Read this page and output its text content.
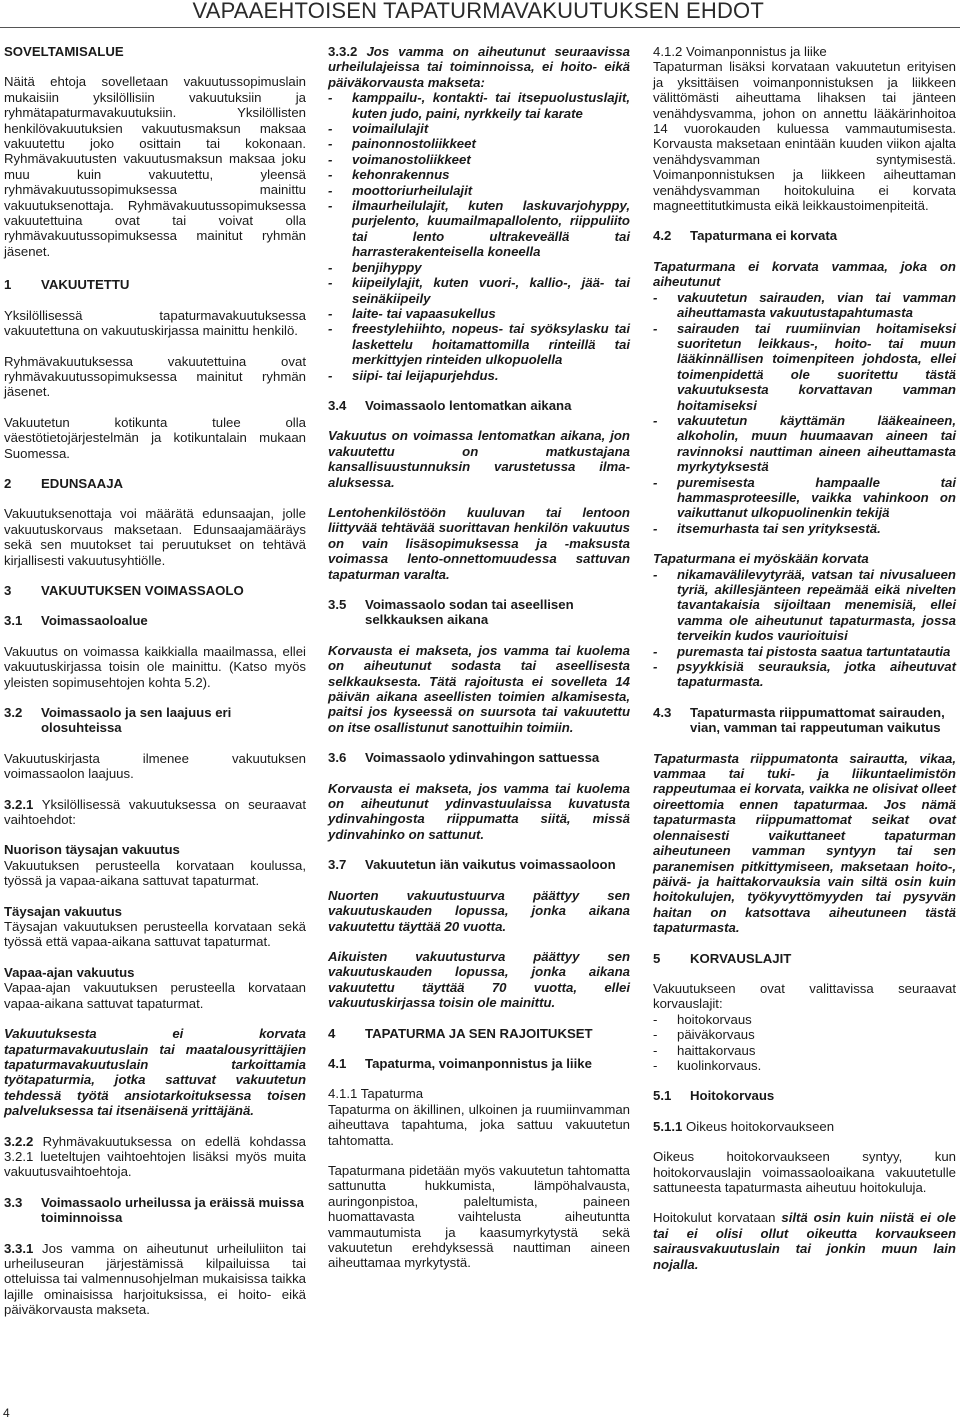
VAPAAEHTOISEN TAPATURMAVAKUUTUKSEN EHDOT

SOVELTAMISALUE

Näitä ehtoja sovelletaan vakuutussopimuslain mukaisiin yksilöllisiin vakuutuksiin ja ryhmätapaturmavakuutuksiin. Yksilöllisten henkilövakuutuksien vakuutusmaksun maksaa vakuutettu joko osittain tai kokonaan. Ryhmävakuutusten vakuutusmaksun maksaa joku muu kuin vakuutettu, yleensä ryhmävakuutussopimuksessa mainittu vakuutuksenottaja. Ryhmävakuutussopimuksessa vakuutettuina ovat tai voivat olla ryhmävakuutussopimuksessa mainitut ryhmän jäsenet.

1	VAKUUTETTU

Yksilöllisessä tapaturmavakuutuksessa vakuutettuna on vakuutuskirjassa mainittu henkilö.

Ryhmävakuutuksessa vakuutettuina ovat ryhmävakuutussopimuksessa mainitut ryhmän jäsenet.

Vakuutetun kotikunta tulee olla väestötietojärjestelmän ja kotikuntalain mukaan Suomessa.

2	EDUNSAAJA

Vakuutuksenottaja voi määrätä edunsaajan, jolle vakuutuskorvaus maksetaan. Edunsaajamääräys sekä sen muutokset tai peruutukset on tehtävä kirjallisesti vakuutusyhtiölle.

3	VAKUUTUKSEN VOIMASSAOLO
3.1	Voimassaoloalue

Vakuutus on voimassa kaikkialla maailmassa, ellei vakuutuskirjassa toisin ole mainittu. (Katso myös yleisten sopimusehtojen kohta 5.2).

3.2	Voimassaolo ja sen laajuus eri olosuhteissa

Vakuutuskirjasta ilmenee vakuutuksen voimassaolon laajuus.

3.2.1 Yksilöllisessä vakuutuksessa on seuraavat vaihtoehdot:

Nuorison täysajan vakuutus

Vakuutuksen perusteella korvataan koulussa, työssä ja vapaa-aikana sattuvat tapaturmat.

Täysajan vakuutus

Täysajan vakuutuksen perusteella korvataan sekä työssä että vapaa-aikana sattuvat tapaturmat.

Vapaa-ajan vakuutus

Vapaa-ajan vakuutuksen perusteella korvataan vapaa-aikana sattuvat tapaturmat.

Vakuutuksesta ei korvata tapaturmavakuutuslain tai maatalousyrittäjien tapaturmavakuutuslain tarkoittamia työtapaturmia, jotka sattuvat vakuutetun tehdessä työtä ansiotarkoituksessa toisen palveluksessa tai itsenäisenä yrittäjänä.

3.2.2 Ryhmävakuutuksessa on edellä kohdassa 3.2.1 lueteltujen vaihtoehtojen lisäksi myös muita vakuutusvaihtoehtoja.

3.3	Voimassaolo urheilussa ja eräissä muissa toiminnoissa

3.3.1 Jos vamma on aiheutunut urheiluliiton tai urheiluseuran järjestämissä kilpailuissa tai otteluissa tai valmennusohjelman mukaisissa taikka lajille ominaisissa harjoituksissa, ei hoito- eikä päiväkorvausta makseta.

3.3.2 Jos vamma on aiheutunut seuraavissa urheilulajeissa tai toiminnoissa, ei hoito- eikä päiväkorvausta makseta:

- kamppailu-, kontakti- tai itsepuolustuslajit, kuten judo, paini, nyrkkeily tai karate
- voimailulajit
- painonnostoliikkeet
- voimanostoliikkeet
- kehonrakennus
- moottoriurheilulajit
- ilmaurheilulajit, kuten laskuvarjohyppy, purjelento, kuumailmapallolento, riippuliito tai lento ultrakeveällä tai harrasterakenteisella koneella
- benjihyppy
- kiipeilylajit, kuten vuori-, kallio-, jää- tai seinäkiipeily
- laite- tai vapaasukellus
- freestylehiihto, nopeus- tai syöksylasku tai laskettelu hoitamattomilla rinteillä tai merkittyjen rinteiden ulkopuolella
- siipi- tai leijapurjehdus.
3.4	Voimassaolo lentomatkan aikana

Vakuutus on voimassa lentomatkan aikana, jon vakuutettu on matkustajana kansallisuustunnuksin varustetussa ilma-aluksessa.

Lentohenkilöstöön kuuluvan tai lentoon liittyvää tehtävää suorittavan henkilön vakuutus on vain lisäsopimuksessa ja -maksusta voimassa lento-onnettomuudessa sattuvan tapaturman varalta.

3.5	Voimassaolo sodan tai aseellisen selkkauksen aikana

Korvausta ei makseta, jos vamma tai kuolema on aiheutunut sodasta tai aseellisesta selkkauksesta. Tätä rajoitusta ei sovelleta 14 päivän aikana aseellisten toimien alkamisesta, paitsi jos kyseessä on suursota tai vakuutettu on itse osallistunut sanottuihin toimiin.

3.6	Voimassaolo ydinvahingon sattuessa

Korvausta ei makseta, jos vamma tai kuolema on aiheutunut ydinvastuulaissa kuvatusta ydinvahingosta riippumatta siitä, missä ydinvahinko on sattunut.

3.7	Vakuutetun iän vaikutus voimassaoloon

Nuorten vakuutustuurva päättyy sen vakuutuskauden lopussa, jonka aikana vakuutettu täyttää 20 vuotta.

Aikuisten vakuutusturva päättyy sen vakuutuskauden lopussa, jonka aikana vakuutettu täyttää 70 vuotta, ellei vakuutuskirjassa toisin ole mainittu.

4	TAPATURMA JA SEN RAJOITUKSET
4.1	Tapaturma, voimanponnistus ja liike

4.1.1 Tapaturma

Tapaturma on äkillinen, ulkoinen ja ruumiinvamman aiheuttava tapahtuma, joka sattuu vakuutetun tahtomatta.

Tapaturmana pidetään myös vakuutetun tahtomatta sattunutta hukkumista, lämpöhalvausta, auringonpistoa, paleltumista, paineen huomattavasta vaihtelusta aiheutuntta vammautumista ja kaasumyrkytystä sekä vakuutetun erehdyksessä nauttiman aineen aiheuttamaa myrkytystä.

4.1.2 Voimanponnistus ja liike

Tapaturman lisäksi korvataan vakuutetun erityisen ja yksittäisen voimanponnistuksen ja liikkeen välittömästi aiheuttama lihaksen tai jänteen venähdysvamma, johon on annettu lääkärinhoitoa 14 vuorokauden kuluessa vammautumisesta. Korvausta maksetaan enintään kuuden viikon ajalta venähdysvamman syntymisestä. Voimanponnistuksen ja liikkeen aiheuttaman venähdysvamman hoitokuluina ei korvata magneettitutkimusta eikä leikkaustoimenpiteitä.

4.2	Tapaturmana ei korvata

Tapaturmana ei korvata vammaa, joka on aiheutunut

- vakuutetun sairauden, vian tai vamman aiheuttamasta vakuutustapahtumasta
- sairauden tai ruumiinvian hoitamiseksi suoritetun leikkaus-, hoito- tai muun lääkinnällisen toimenpiteen johdosta, ellei toimenpidettä ole suoritettu tästä vakuutuksesta korvattavan vamman hoitamiseksi
- vakuutetun käyttämän lääkeaineen, alkoholin, muun huumaavan aineen tai ravinnoksi nauttiman aineen aiheuttamasta myrkytyksestä
- puremisesta hampaalle tai hammasproteesille, vaikka vahinkoon on vaikuttanut ulkopuolinenkin tekijä
- itsemurhasta tai sen yrityksestä.

Tapaturmana ei myöskään korvata

- nikamavälilevytyrää, vatsan tai nivusalueen tyriä, akillesjänteen repeämää eikä nivelten tavantakaisia sijoiltaan menemisiä, ellei vamma ole aiheutunut tapaturmasta, jossa terveikin kudos vaurioituisi
- puremasta tai pistosta saatua tartuntatautia
- psyykkisiä seurauksia, jotka aiheutuvat tapaturmasta.
4.3	Tapaturmasta riippumattomat sairauden, vian, vamman tai rappeutuman vaikutus

Tapaturmasta riippumatonta sairautta, vikaa, vammaa tai tuki- ja liikuntaelimistön rappeutumaa ei korvata, vaikka ne olisivat olleet oireettomia ennen tapaturmaa. Jos nämä tapaturmasta riippumattomat seikat ovat olennaisesti vaikuttaneet tapaturman aiheutuneen vamman syntyyn tai sen paranemisen pitkittymiseen, maksetaan hoito-, päivä- ja haittakorvauksia vain siltä osin kuin hoitokulujen, työkyvyttömyyden tai pysyvän haitan on katsottava aiheutuneen tästä tapaturmasta.

5	KORVAUSLAJIT

Vakuutukseen ovat valittavissa seuraavat korvauslajit:

- hoitokorvaus
- päiväkorvaus
- haittakorvaus
- kuolinkorvaus.
5.1	Hoitokorvaus

5.1.1 Oikeus hoitokorvaukseen

Oikeus hoitokorvaukseen syntyy, kun hoitokorvauslajin voimassaoloaikana vakuutetulle sattuneesta tapaturmasta aiheutuu hoitokuluja.

Hoitokulut korvataan siltä osin kuin niistä ei ole tai ei olisi ollut oikeutta korvaukseen sairausvakuutuslain tai jonkin muun lain nojalla.

4
